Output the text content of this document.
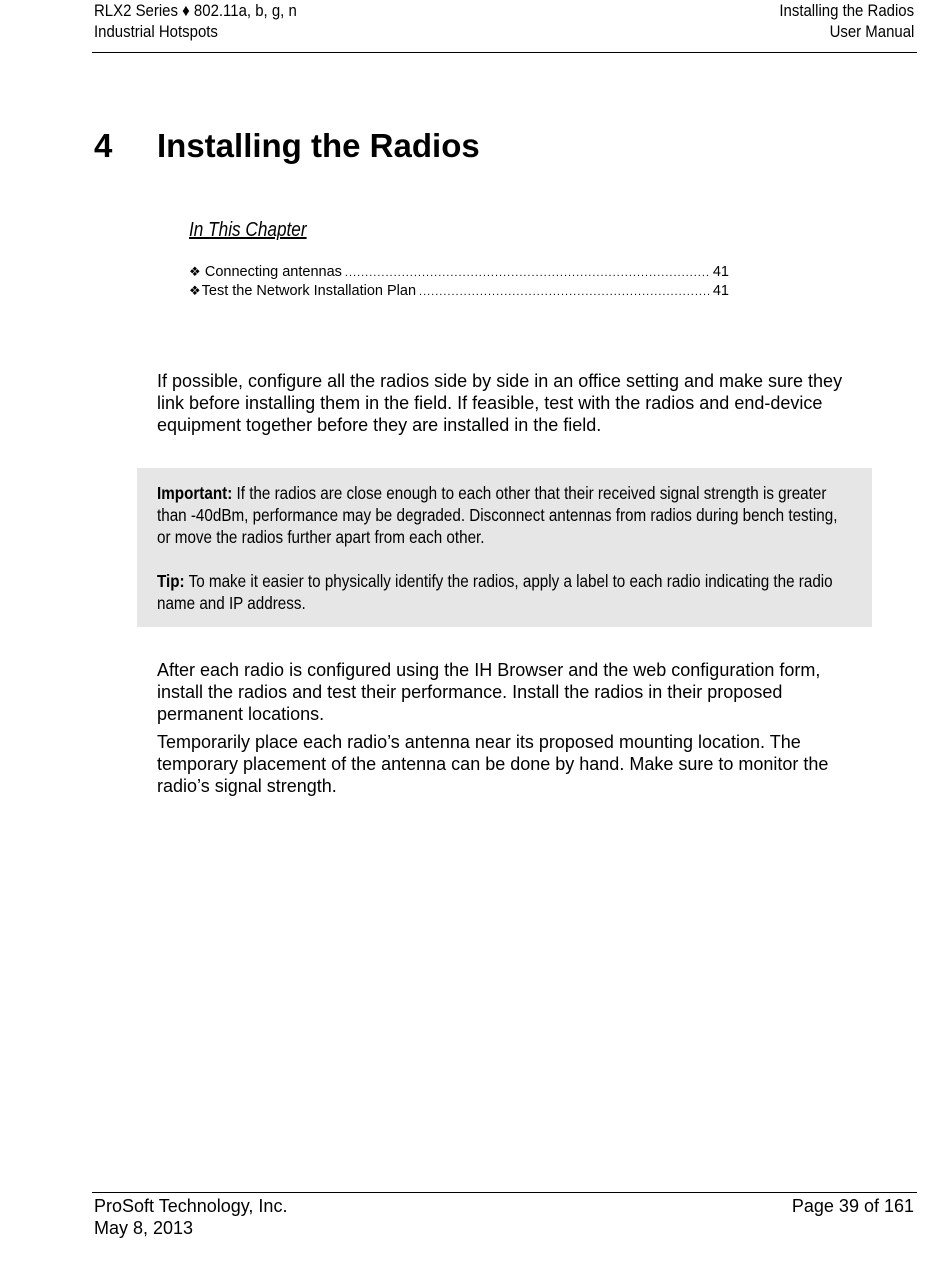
RLX2 Series ♦ 802.11a, b, g, n
Industrial Hotspots
Installing the Radios
User Manual
4 Installing the Radios
In This Chapter
❖ Connecting antennas .....	41
❖ Test the Network Installation Plan .....	41
If possible, configure all the radios side by side in an office setting and make sure they link before installing them in the field. If feasible, test with the radios and end-device equipment together before they are installed in the field.
Important: If the radios are close enough to each other that their received signal strength is greater than -40dBm, performance may be degraded. Disconnect antennas from radios during bench testing, or move the radios further apart from each other.
Tip: To make it easier to physically identify the radios, apply a label to each radio indicating the radio name and IP address.
After each radio is configured using the IH Browser and the web configuration form, install the radios and test their performance. Install the radios in their proposed permanent locations.
Temporarily place each radio’s antenna near its proposed mounting location. The temporary placement of the antenna can be done by hand. Make sure to monitor the radio’s signal strength.
ProSoft Technology, Inc.
May 8, 2013
Page 39 of 161
